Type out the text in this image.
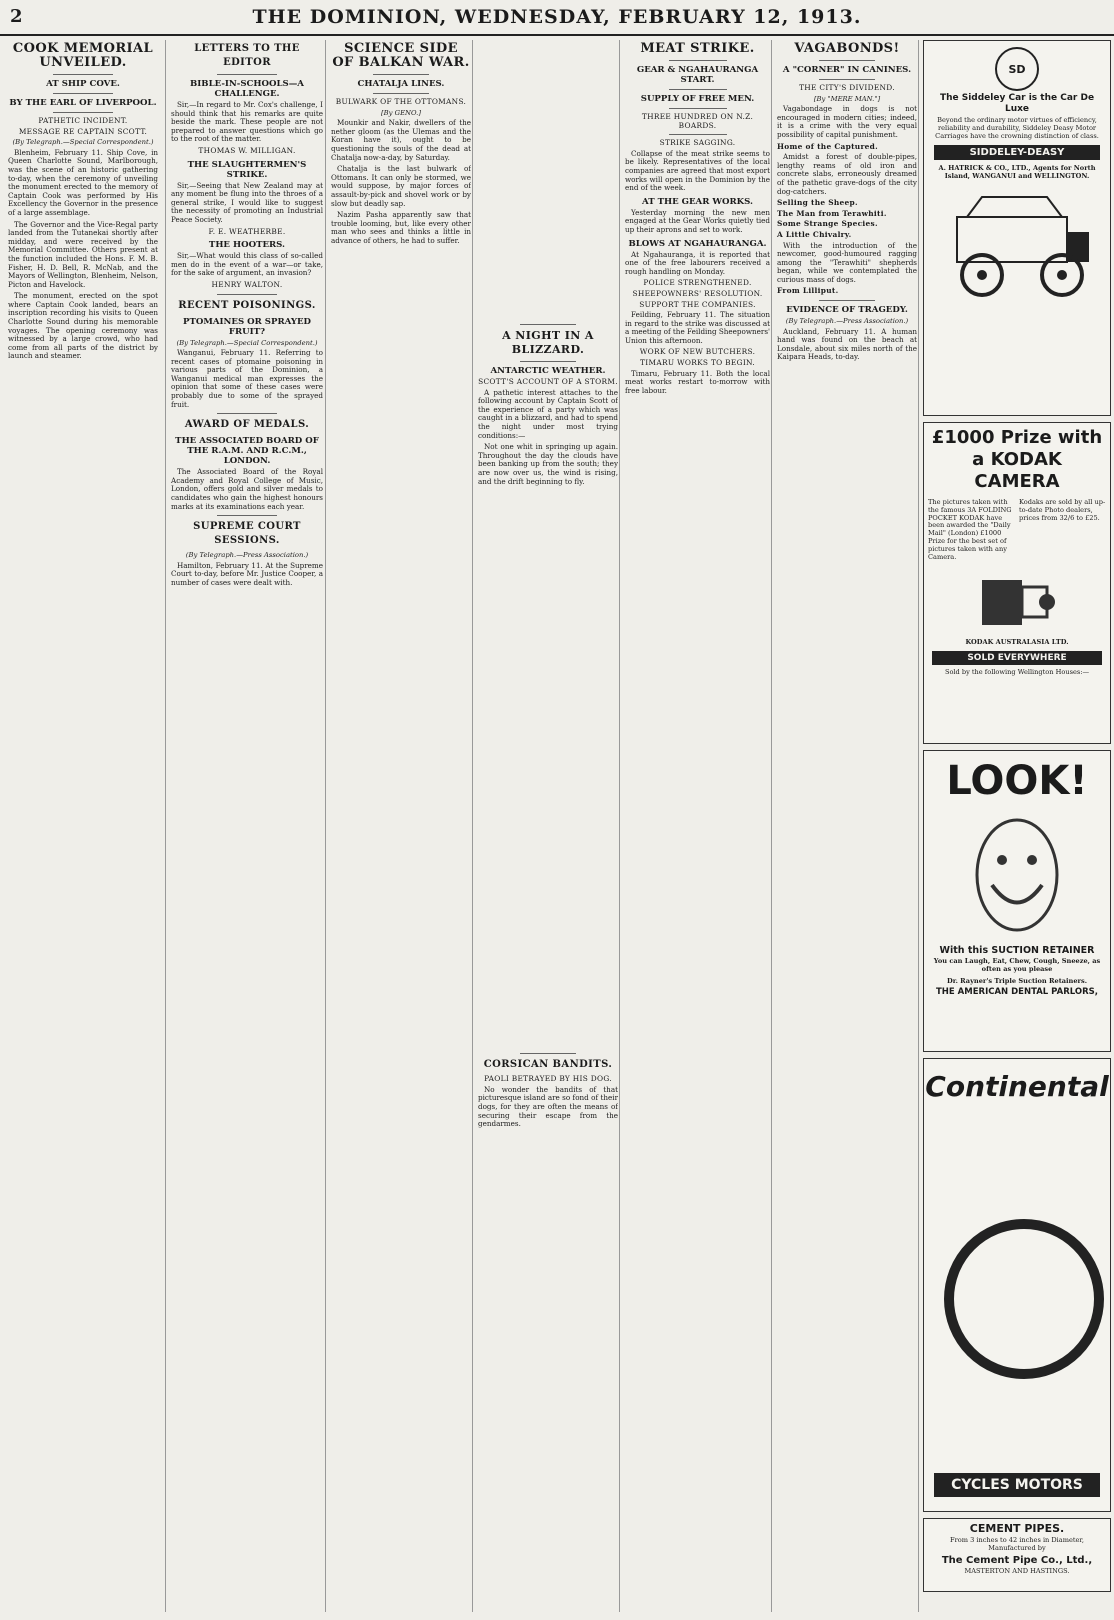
2	THE DOMINION, WEDNESDAY, FEBRUARY 12, 1913.
COOK MEMORIAL UNVEILED.
AT SHIP COVE.
BY THE EARL OF LIVERPOOL.
PATHETIC INCIDENT.
MESSAGE RE CAPTAIN SCOTT.
(By Telegraph.—Special Correspondent.)

Blenheim, February 11. Ship Cove, in Queen Charlotte Sound, Marlborough, was the scene of an historic gathering to-day, when the ceremony of unveiling the monument erected to the memory of Captain Cook was performed by His Excellency the Governor in the presence of a large assemblage.

The Governor and the Vice-Regal party landed from the Tutanekai shortly after midday, and were received by the Memorial Committee. Others present at the function included the Hons. F. M. B. Fisher, H. D. Bell, R. McNab, and the Mayors of Wellington, Blenheim, Nelson, Picton and Havelock.

The monument, erected on the spot where Captain Cook landed, bears an inscription recording his visits to Queen Charlotte Sound during his memorable voyages. The opening ceremony was witnessed by a large crowd, who had come from all parts of the district by launch and steamer.

LETTERS TO THE EDITOR
BIBLE-IN-SCHOOLS—A CHALLENGE.

Sir,—In regard to Mr. Cox's challenge, I should think that his remarks are quite beside the mark. These people are not prepared to answer questions which go to the root of the matter.

THOMAS W. MILLIGAN.
THE SLAUGHTERMEN'S STRIKE.

Sir,—Seeing that New Zealand may at any moment be flung into the throes of a general strike, I would like to suggest the necessity of promoting an Industrial Peace Society.

F. E. WEATHERBE.
THE HOOTERS.

Sir,—What would this class of so-called men do in the event of a war—or take, for the sake of argument, an invasion?

HENRY WALTON.
RECENT POISONINGS.
PTOMAINES OR SPRAYED FRUIT?
(By Telegraph.—Special Correspondent.)

Wanganui, February 11. Referring to recent cases of ptomaine poisoning in various parts of the Dominion, a Wanganui medical man expresses the opinion that some of these cases were probably due to some of the sprayed fruit.

AWARD OF MEDALS.
THE ASSOCIATED BOARD OF THE R.A.M. AND R.C.M., LONDON.

The Associated Board of the Royal Academy and Royal College of Music, London, offers gold and silver medals to candidates who gain the highest honours marks at its examinations each year.

SUPREME COURT SESSIONS.
(By Telegraph.—Press Association.)

Hamilton, February 11. At the Supreme Court to-day, before Mr. Justice Cooper, a number of cases were dealt with.

SCIENCE SIDE OF BALKAN WAR.
CHATALJA LINES.
BULWARK OF THE OTTOMANS.
[By GENO.]

Mounkir and Nakir, dwellers of the nether gloom (as the Ulemas and the Koran have it), ought to be questioning the souls of the dead at Chatalja now-a-day, by Saturday.

Chatalja is the last bulwark of Ottomans. It can only be stormed, we would suppose, by major forces of assault-by-pick and shovel work or by slow but deadly sap.

Nazim Pasha apparently saw that trouble looming, but, like every other man who sees and thinks a little in advance of others, he had to suffer.

A NIGHT IN A BLIZZARD.
ANTARCTIC WEATHER.
SCOTT'S ACCOUNT OF A STORM.

A pathetic interest attaches to the following account by Captain Scott of the experience of a party which was caught in a blizzard, and had to spend the night under most trying conditions:—

Not one whit in springing up again. Throughout the day the clouds have been banking up from the south; they are now over us, the wind is rising, and the drift beginning to fly.

CORSICAN BANDITS.
PAOLI BETRAYED BY HIS DOG.

No wonder the bandits of that picturesque island are so fond of their dogs, for they are often the means of securing their escape from the gendarmes.

MEAT STRIKE.
GEAR & NGAHAURANGA START.
SUPPLY OF FREE MEN.
THREE HUNDRED ON N.Z. BOARDS.
STRIKE SAGGING.

Collapse of the meat strike seems to be likely. Representatives of the local companies are agreed that most export works will open in the Dominion by the end of the week.

AT THE GEAR WORKS.

Yesterday morning the new men engaged at the Gear Works quietly tied up their aprons and set to work.

BLOWS AT NGAHAURANGA.

At Ngahauranga, it is reported that one of the free labourers received a rough handling on Monday.

POLICE STRENGTHENED.
SHEEPOWNERS' RESOLUTION.
SUPPORT THE COMPANIES.

Feilding, February 11. The situation in regard to the strike was discussed at a meeting of the Feilding Sheepowners' Union this afternoon.

WORK OF NEW BUTCHERS.
TIMARU WORKS TO BEGIN.

Timaru, February 11. Both the local meat works restart to-morrow with free labour.

VAGABONDS!
A "CORNER" IN CANINES.
THE CITY'S DIVIDEND.
[By "MERE MAN."]

Vagabondage in dogs is not encouraged in modern cities; indeed, it is a crime with the very equal possibility of capital punishment.

Home of the Captured.

Amidst a forest of double-pipes, lengthy reams of old iron and concrete slabs, erroneously dreamed of the pathetic grave-dogs of the city dog-catchers.

Selling the Sheep.
The Man from Terawhiti.
Some Strange Species.
A Little Chivalry.

With the introduction of the newcomer, good-humoured ragging among the "Terawhiti" shepherds began, while we contemplated the curious mass of dogs.

From Lilliput.
EVIDENCE OF TRAGEDY.
(By Telegraph.—Press Association.)

Auckland, February 11. A human hand was found on the beach at Lonsdale, about six miles north of the Kaipara Heads, to-day.

SD
The Siddeley Car is the Car De Luxe
Beyond the ordinary motor virtues of efficiency, reliability and durability, Siddeley Deasy Motor Carriages have the crowning distinction of class.
SIDDELEY-DEASY
A. HATRICK & CO., LTD., Agents for North Island, WANGANUI and WELLINGTON.
£1000 Prize with a KODAK CAMERA
The pictures taken with the famous 3A FOLDING POCKET KODAK have been awarded the "Daily Mail" (London) £1000 Prize for the best set of pictures taken with any Camera.
Kodaks are sold by all up-to-date Photo dealers, prices from 32/6 to £25.
KODAK AUSTRALASIA LTD.
SOLD EVERYWHERE
Sold by the following Wellington Houses:—
LOOK!
With this SUCTION RETAINER
You can Laugh, Eat, Chew, Cough, Sneeze, as often as you please
Dr. Rayner's Triple Suction Retainers.
THE AMERICAN DENTAL PARLORS,
Continental
CYCLES MOTORS
CEMENT PIPES.
From 3 inches to 42 inches in Diameter, Manufactured by
The Cement Pipe Co., Ltd.,
MASTERTON AND HASTINGS.
